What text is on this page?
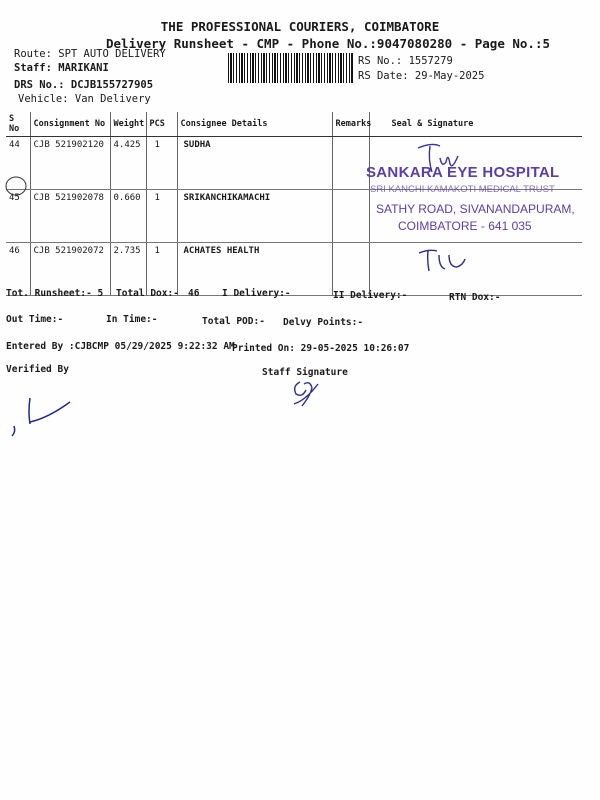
THE PROFESSIONAL COURIERS, COIMBATORE
Delivery Runsheet - CMP - Phone No.:9047080280 - Page No.:5
Route: SPT AUTO DELIVERY
Staff: MARIKANI
DRS No.: DCJB155727905
Vehicle: Van Delivery
RS No.: 1557279
RS Date: 29-May-2025
S No	Consignment No	Weight	PCS	Consignee Details	Remarks	Seal & Signature
44	CJB 521902120	4.425	1	SUDHA		
45	CJB 521902078	0.660	1	SRIKANCHIKAMACHI		
46	CJB 521902072	2.735	1	ACHATES HEALTH		
SANKARA EYE HOSPITAL
SRI KANCHI KAMAKOTI MEDICAL TRUST
SATHY ROAD, SIVANANDAPURAM,
COIMBATORE - 641 035
Tot. Runsheet:- 5 Total Dox:- 46 I Delivery:-	II Delivery:-	RTN Dox:-
Out Time:-	In Time:-	Total POD:- Delvy Points:-
Entered By :CJBCMP 05/29/2025 9:22:32 AM
Printed On: 29-05-2025 10:26:07
Verified By	Staff Signature
